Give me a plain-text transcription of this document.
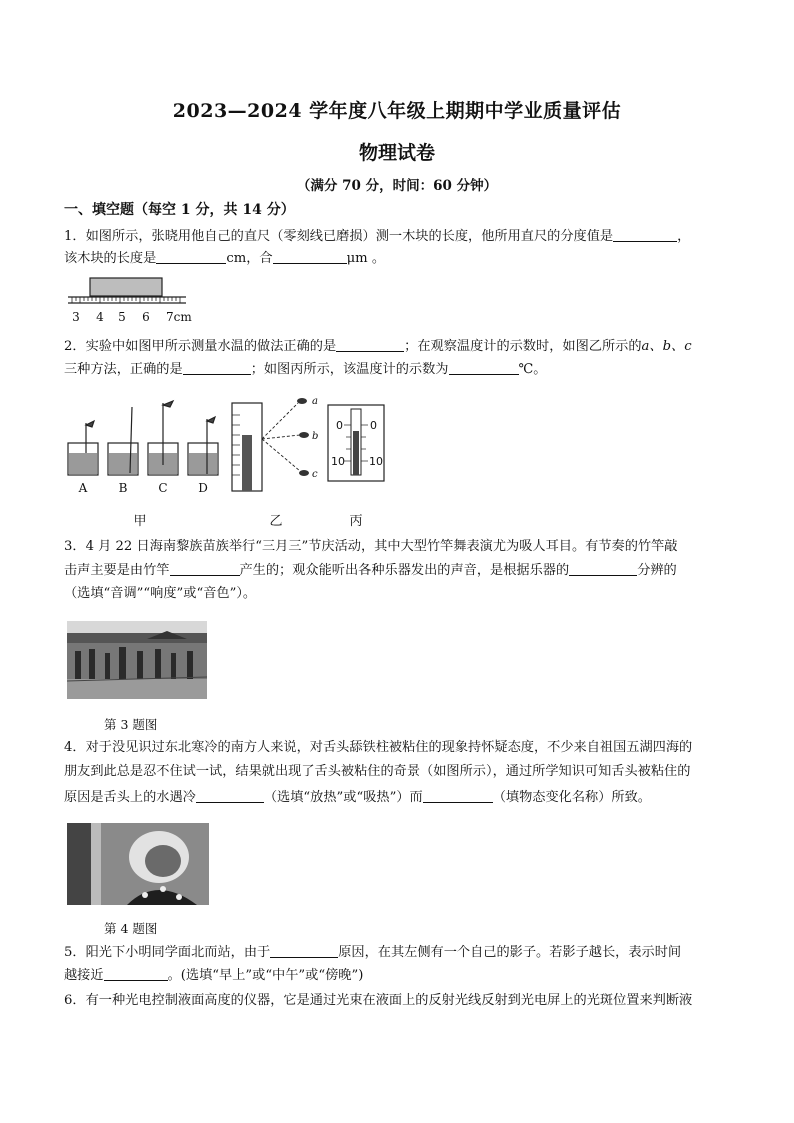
2023—2024 学年度八年级上期期中学业质量评估
物理试卷
（满分 70 分，时间：60 分钟）
一、填空题（每空 1 分，共 14 分）
1．如图所示，张晓用他自己的直尺（零刻线已磨损）测一木块的长度，他所用直尺的分度值是	，
该木块的长度是	cm，合	μm 。
3 4 5 6 7cm
2．实验中如图甲所示测量水温的做法正确的是	；在观察温度计的示数时，如图乙所示的a、b、c
三种方法，正确的是	；如图丙所示，该温度计的示数为	℃。
A	B	C	D
a
b
c
0 0
10 10
甲	乙	丙
3．4 月 22 日海南黎族苗族举行“三月三”节庆活动，其中大型竹竿舞表演尤为吸人耳目。有节奏的竹竿敲
击声主要是由竹竿	产生的；观众能听出各种乐器发出的声音，是根据乐器的	分辨的
（选填“音调”“响度”或“音色”）。
第 3 题图
4．对于没见识过东北寒冷的南方人来说，对舌头舔铁柱被粘住的现象持怀疑态度，不少来自祖国五湖四海的
朋友到此总是忍不住试一试，结果就出现了舌头被粘住的奇景（如图所示），通过所学知识可知舌头被粘住的
原因是舌头上的水遇冷	（选填“放热”或“吸热”）而	（填物态变化名称）所致。
第 4 题图
5．阳光下小明同学面北而站，由于	原因，在其左侧有一个自己的影子。若影子越长，表示时间
越接近	。(选填“早上”或“中午”或“傍晚”)
6．有一种光电控制液面高度的仪器，它是通过光束在液面上的反射光线反射到光电屏上的光斑位置来判断液
